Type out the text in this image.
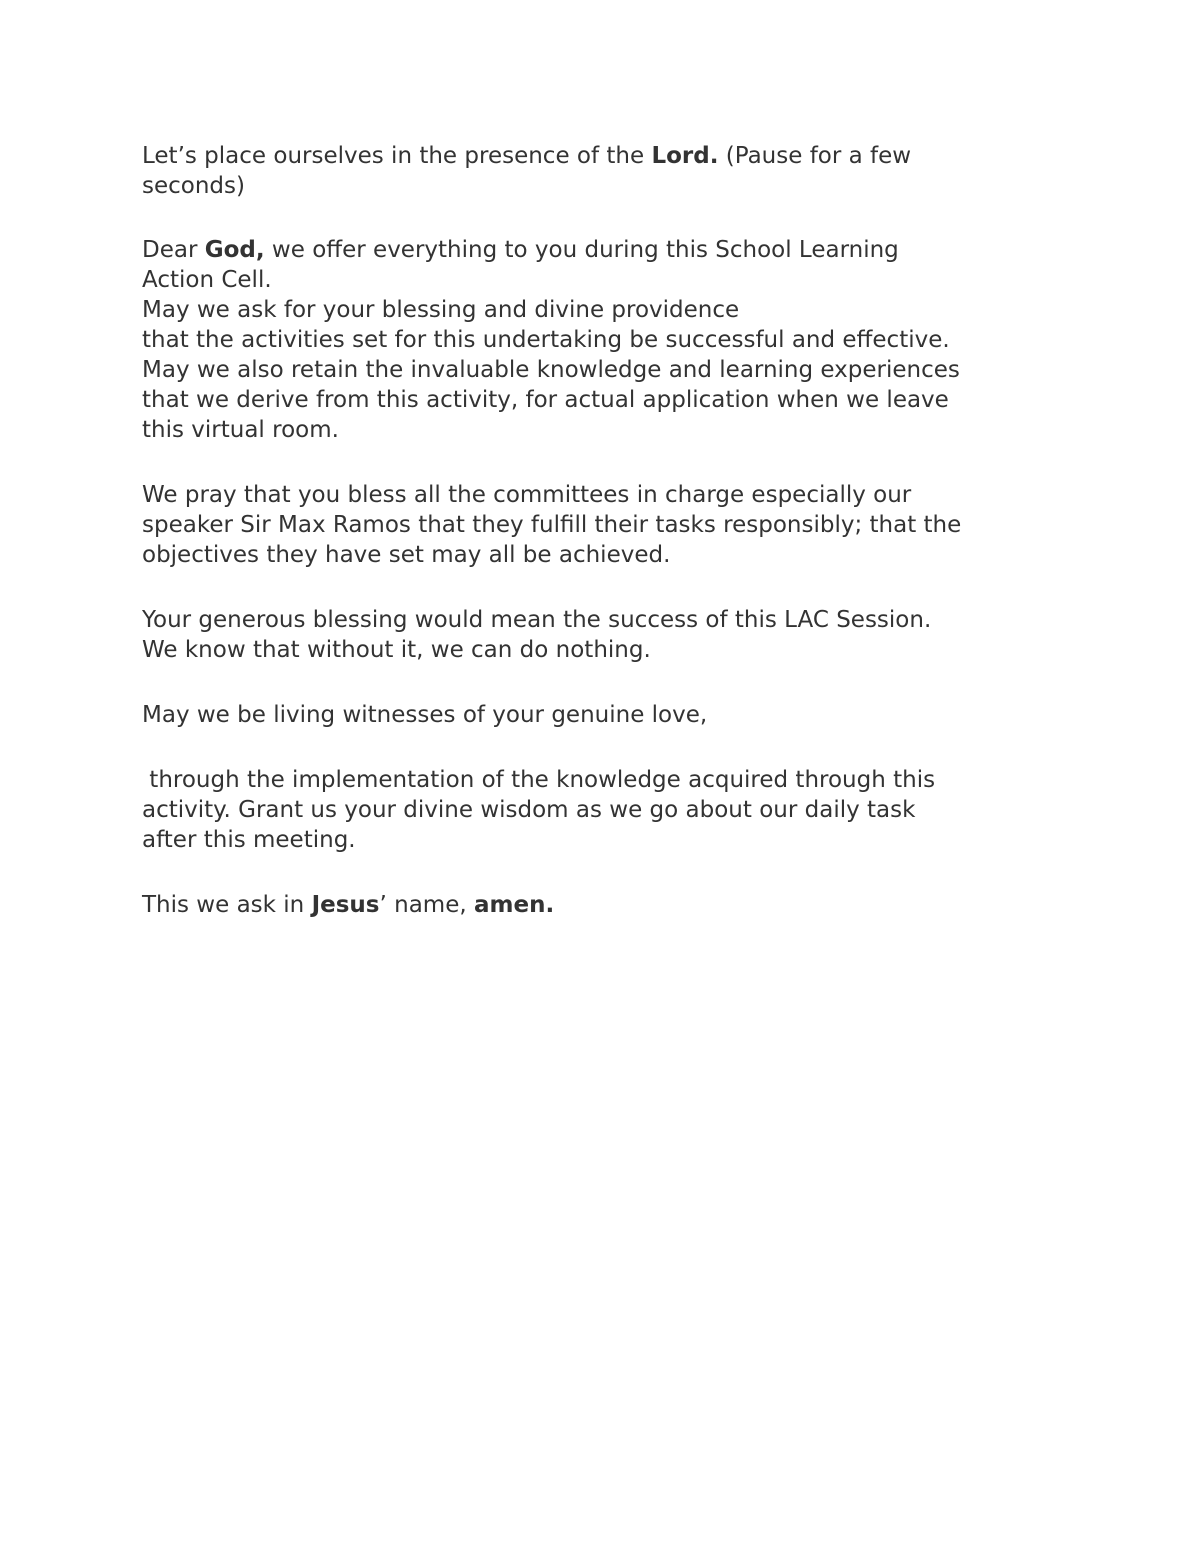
Let’s place ourselves in the presence of the Lord. (Pause for a few
seconds)
Dear God, we offer everything to you during this School Learning
Action Cell.
May we ask for your blessing and divine providence
that the activities set for this undertaking be successful and effective.
May we also retain the invaluable knowledge and learning experiences
that we derive from this activity, for actual application when we leave
this virtual room.
We pray that you bless all the committees in charge especially our
speaker Sir Max Ramos that they fulfill their tasks responsibly; that the
objectives they have set may all be achieved.
Your generous blessing would mean the success of this LAC Session.
We know that without it, we can do nothing.
May we be living witnesses of your genuine love,
through the implementation of the knowledge acquired through this
activity. Grant us your divine wisdom as we go about our daily task
after this meeting.
This we ask in Jesus’ name, amen.
